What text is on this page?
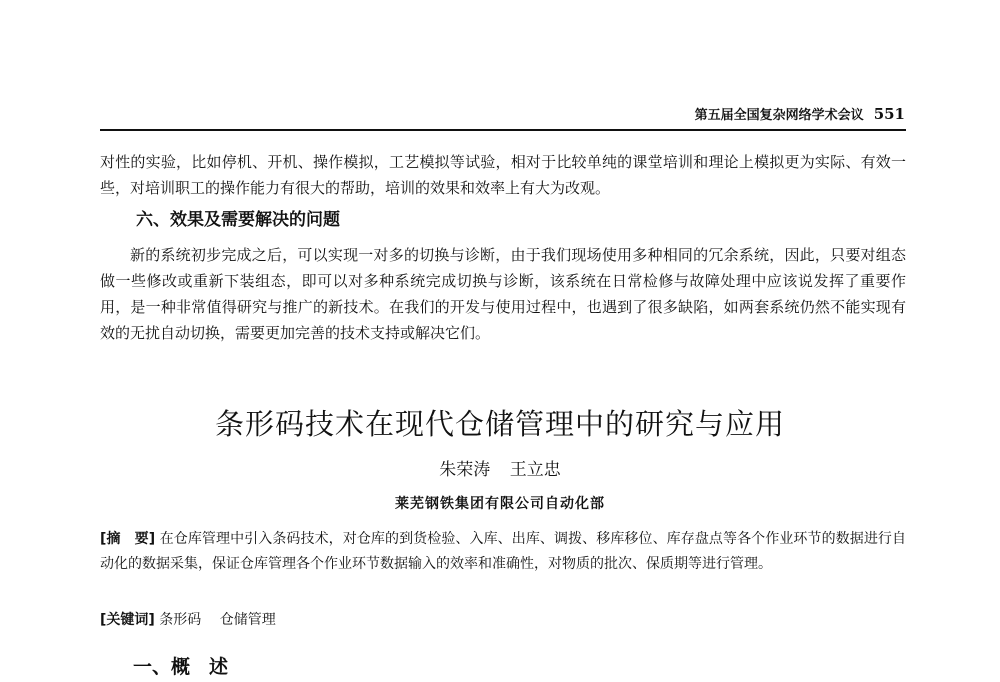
第五届全国复杂网络学术会议 551
对性的实验，比如停机、开机、操作模拟，工艺模拟等试验，相对于比较单纯的课堂培训和理论上模拟更为实际、有效一些，对培训职工的操作能力有很大的帮助，培训的效果和效率上有大为改观。
六、效果及需要解决的问题
新的系统初步完成之后，可以实现一对多的切换与诊断，由于我们现场使用多种相同的冗余系统，因此，只要对组态做一些修改或重新下装组态，即可以对多种系统完成切换与诊断，该系统在日常检修与故障处理中应该说发挥了重要作用，是一种非常值得研究与推广的新技术。在我们的开发与使用过程中，也遇到了很多缺陷，如两套系统仍然不能实现有效的无扰自动切换，需要更加完善的技术支持或解决它们。
条形码技术在现代仓储管理中的研究与应用
朱荣涛 王立忠
莱芜钢铁集团有限公司自动化部
[摘　要] 在仓库管理中引入条码技术，对仓库的到货检验、入库、出库、调拨、移库移位、库存盘点等各个作业环节的数据进行自动化的数据采集，保证仓库管理各个作业环节数据输入的效率和准确性，对物质的批次、保质期等进行管理。
[关键词] 条形码 仓储管理
一、概　述
